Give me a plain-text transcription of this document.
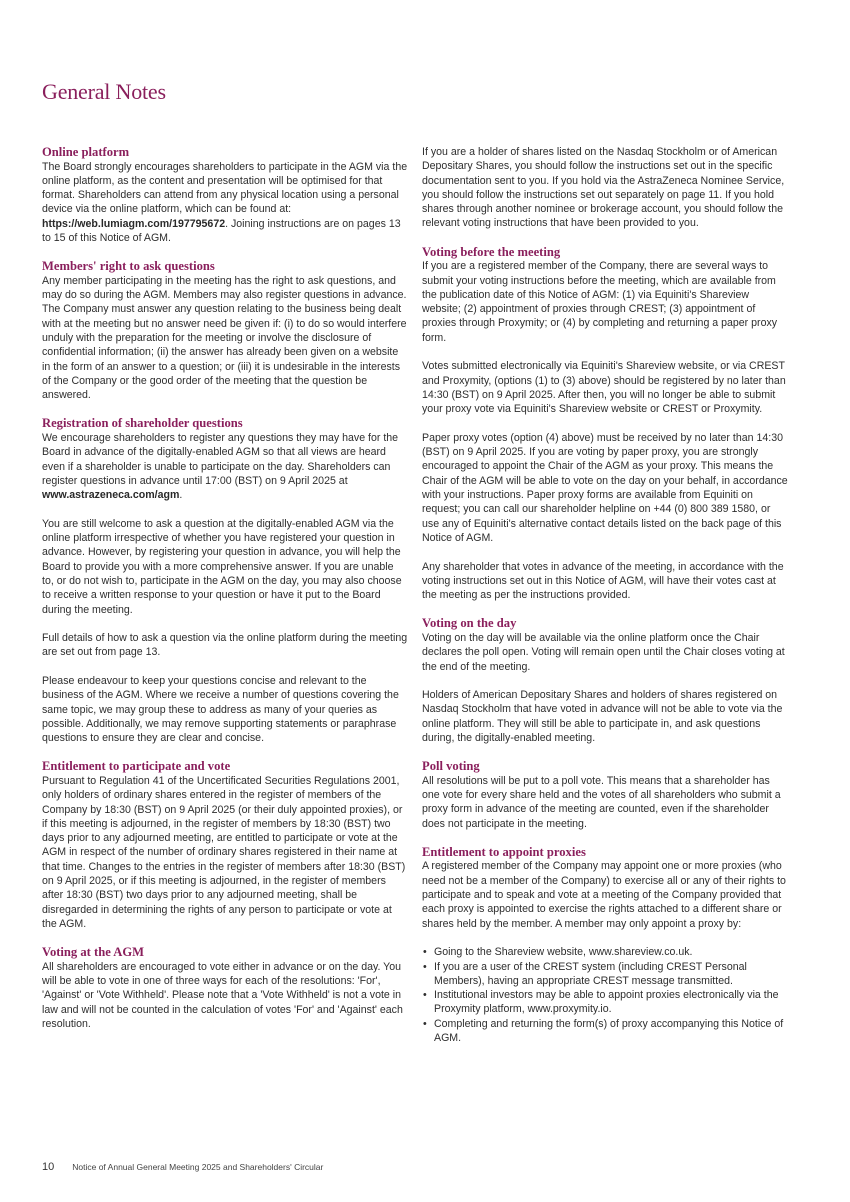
General Notes
Online platform

The Board strongly encourages shareholders to participate in the AGM via the online platform, as the content and presentation will be optimised for that format. Shareholders can attend from any physical location using a personal device via the online platform, which can be found at: https://web.lumiagm.com/197795672. Joining instructions are on pages 13 to 15 of this Notice of AGM.

Members' right to ask questions

Any member participating in the meeting has the right to ask questions, and may do so during the AGM. Members may also register questions in advance. The Company must answer any question relating to the business being dealt with at the meeting but no answer need be given if: (i) to do so would interfere unduly with the preparation for the meeting or involve the disclosure of confidential information; (ii) the answer has already been given on a website in the form of an answer to a question; or (iii) it is undesirable in the interests of the Company or the good order of the meeting that the question be answered.

Registration of shareholder questions

We encourage shareholders to register any questions they may have for the Board in advance of the digitally-enabled AGM so that all views are heard even if a shareholder is unable to participate on the day. Shareholders can register questions in advance until 17:00 (BST) on 9 April 2025 at www.astrazeneca.com/agm.

You are still welcome to ask a question at the digitally-enabled AGM via the online platform irrespective of whether you have registered your question in advance. However, by registering your question in advance, you will help the Board to provide you with a more comprehensive answer. If you are unable to, or do not wish to, participate in the AGM on the day, you may also choose to receive a written response to your question or have it put to the Board during the meeting.

Full details of how to ask a question via the online platform during the meeting are set out from page 13.

Please endeavour to keep your questions concise and relevant to the business of the AGM. Where we receive a number of questions covering the same topic, we may group these to address as many of your queries as possible. Additionally, we may remove supporting statements or paraphrase questions to ensure they are clear and concise.

Entitlement to participate and vote

Pursuant to Regulation 41 of the Uncertificated Securities Regulations 2001, only holders of ordinary shares entered in the register of members of the Company by 18:30 (BST) on 9 April 2025 (or their duly appointed proxies), or if this meeting is adjourned, in the register of members by 18:30 (BST) two days prior to any adjourned meeting, are entitled to participate or vote at the AGM in respect of the number of ordinary shares registered in their name at that time. Changes to the entries in the register of members after 18:30 (BST) on 9 April 2025, or if this meeting is adjourned, in the register of members after 18:30 (BST) two days prior to any adjourned meeting, shall be disregarded in determining the rights of any person to participate or vote at the AGM.

Voting at the AGM

All shareholders are encouraged to vote either in advance or on the day. You will be able to vote in one of three ways for each of the resolutions: 'For', 'Against' or 'Vote Withheld'. Please note that a 'Vote Withheld' is not a vote in law and will not be counted in the calculation of votes 'For' and 'Against' each resolution.

If you are a holder of shares listed on the Nasdaq Stockholm or of American Depositary Shares, you should follow the instructions set out in the specific documentation sent to you. If you hold via the AstraZeneca Nominee Service, you should follow the instructions set out separately on page 11. If you hold shares through another nominee or brokerage account, you should follow the relevant voting instructions that have been provided to you.

Voting before the meeting

If you are a registered member of the Company, there are several ways to submit your voting instructions before the meeting, which are available from the publication date of this Notice of AGM: (1) via Equiniti's Shareview website; (2) appointment of proxies through CREST; (3) appointment of proxies through Proxymity; or (4) by completing and returning a paper proxy form.

Votes submitted electronically via Equiniti's Shareview website, or via CREST and Proxymity, (options (1) to (3) above) should be registered by no later than 14:30 (BST) on 9 April 2025. After then, you will no longer be able to submit your proxy vote via Equiniti's Shareview website or CREST or Proxymity.

Paper proxy votes (option (4) above) must be received by no later than 14:30 (BST) on 9 April 2025. If you are voting by paper proxy, you are strongly encouraged to appoint the Chair of the AGM as your proxy. This means the Chair of the AGM will be able to vote on the day on your behalf, in accordance with your instructions. Paper proxy forms are available from Equiniti on request; you can call our shareholder helpline on +44 (0) 800 389 1580, or use any of Equiniti's alternative contact details listed on the back page of this Notice of AGM.

Any shareholder that votes in advance of the meeting, in accordance with the voting instructions set out in this Notice of AGM, will have their votes cast at the meeting as per the instructions provided.

Voting on the day

Voting on the day will be available via the online platform once the Chair declares the poll open. Voting will remain open until the Chair closes voting at the end of the meeting.

Holders of American Depositary Shares and holders of shares registered on Nasdaq Stockholm that have voted in advance will not be able to vote via the online platform. They will still be able to participate in, and ask questions during, the digitally-enabled meeting.

Poll voting

All resolutions will be put to a poll vote. This means that a shareholder has one vote for every share held and the votes of all shareholders who submit a proxy form in advance of the meeting are counted, even if the shareholder does not participate in the meeting.

Entitlement to appoint proxies

A registered member of the Company may appoint one or more proxies (who need not be a member of the Company) to exercise all or any of their rights to participate and to speak and vote at a meeting of the Company provided that each proxy is appointed to exercise the rights attached to a different share or shares held by the member. A member may only appoint a proxy by:

• Going to the Shareview website, www.shareview.co.uk.
• If you are a user of the CREST system (including CREST Personal Members), having an appropriate CREST message transmitted.
• Institutional investors may be able to appoint proxies electronically via the Proxymity platform, www.proxymity.io.
• Completing and returning the form(s) of proxy accompanying this Notice of AGM.
10 Notice of Annual General Meeting 2025 and Shareholders' Circular
